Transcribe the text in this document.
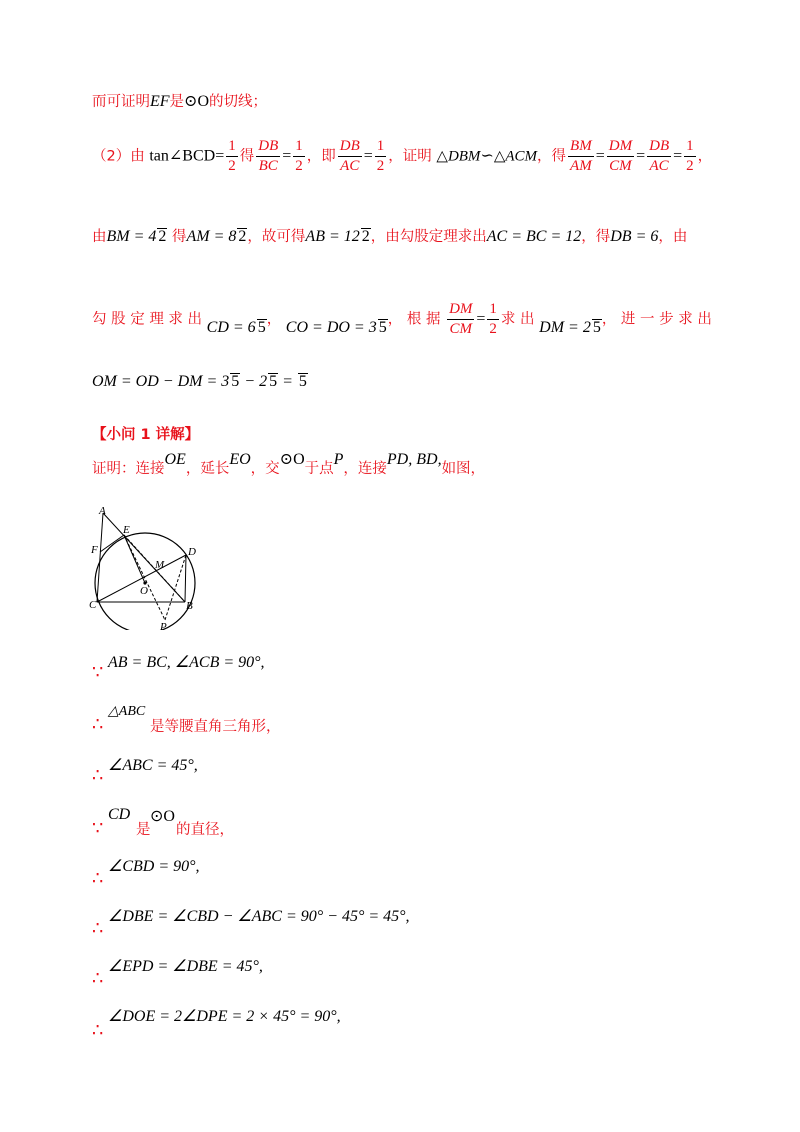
而可证明EF是⊙O的切线；
（2）由 tan∠BCD= $\frac{1}{2}$ 得 $\frac{DB}{BC} = \frac{1}{2}$ ，即 $\frac{DB}{AC} = \frac{1}{2}$ ，证明 △DBM∽△ACM，得 $\frac{BM}{AM} = \frac{DM}{CM} = \frac{DB}{AC} = \frac{1}{2}$ ，
由BM = 4 2 得AM = 8 2，故可得AB = 12 2，由勾股定理求出AC = BC = 12，得DB = 6，由
勾 股 定 理 求 出 CD = 6 5， CO = DO = 3 5， 根 据 $\frac{DM}{CM} = \frac{1}{2}$ 求 出 DM = 2 5， 进 一 步 求 出
OM = OD − DM = 3 5 − 2 5 = 5
【小问 1 详解】
证明：连接OE，延长EO，交⊙O于点P，连接PD, BD,如图，
A
E
F	D
M
O
C	B
P
∵ AB = BC, ∠ACB = 90°,
∴
△ABC
是等腰直角三角形，
∴ ∠ABC = 45°,
∵
CD
是
⊙O
的直径，
∴
∠CBD = 90°,
∴
∠DBE = ∠CBD − ∠ABC = 90° − 45° = 45°,
∴
∠EPD = ∠DBE = 45°,
∴
∠DOE = 2∠DPE = 2 × 45° = 90°,
